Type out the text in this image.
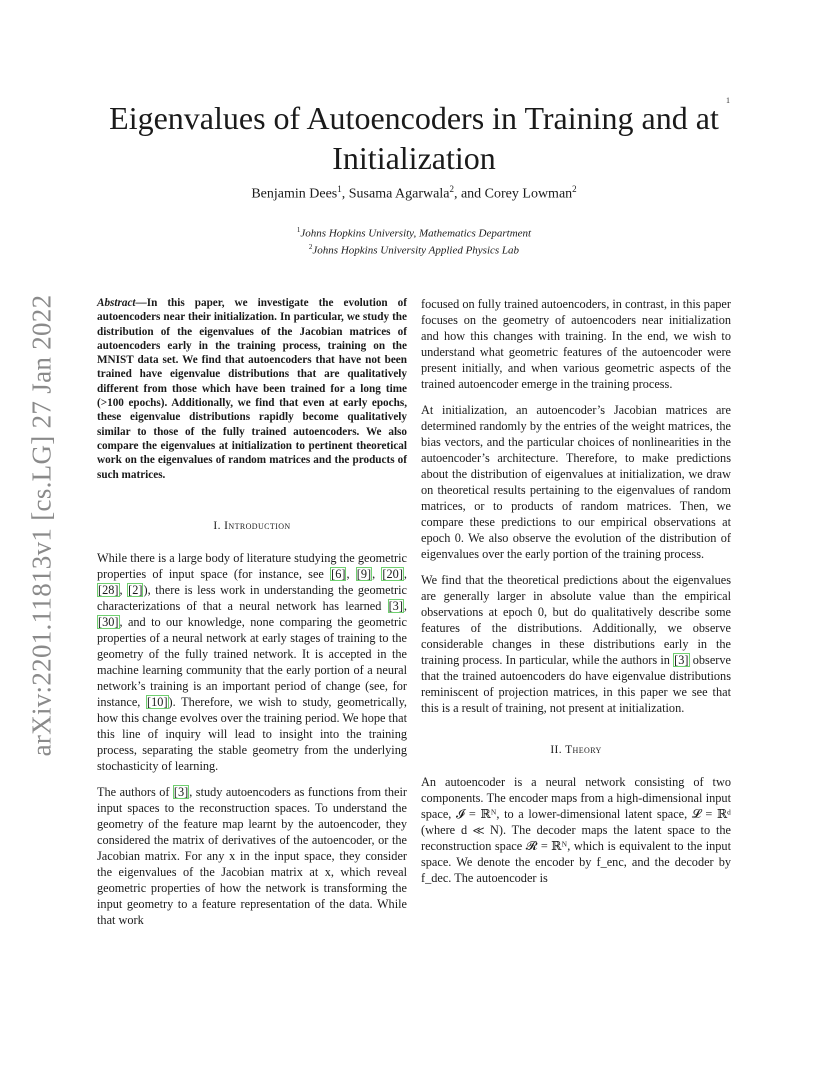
arXiv:2201.11813v1 [cs.LG] 27 Jan 2022
1
Eigenvalues of Autoencoders in Training and at Initialization
Benjamin Dees$^1$, Susama Agarwala$^2$, and Corey Lowman$^2$
$^1$Johns Hopkins University, Mathematics Department
$^2$Johns Hopkins University Applied Physics Lab

Abstract—In this paper, we investigate the evolution of autoencoders near their initialization. In particular, we study the distribution of the eigenvalues of the Jacobian matrices of autoencoders early in the training process, training on the MNIST data set. We find that autoencoders that have not been trained have eigenvalue distributions that are qualitatively different from those which have been trained for a long time (>100 epochs). Additionally, we find that even at early epochs, these eigenvalue distributions rapidly become qualitatively similar to those of the fully trained autoencoders. We also compare the eigenvalues at initialization to pertinent theoretical work on the eigenvalues of random matrices and the products of such matrices.

I. Introduction

While there is a large body of literature studying the geometric properties of input space (for instance, see [6], [9], [20], [28], [2]), there is less work in understanding the geometric characterizations of that a neural network has learned [3], [30], and to our knowledge, none comparing the geometric properties of a neural network at early stages of training to the geometry of the fully trained network. It is accepted in the machine learning community that the early portion of a neural network’s training is an important period of change (see, for instance, [10]). Therefore, we wish to study, geometrically, how this change evolves over the training period. We hope that this line of inquiry will lead to insight into the training process, separating the stable geometry from the underlying stochasticity of learning.

The authors of [3], study autoencoders as functions from their input spaces to the reconstruction spaces. To understand the geometry of the feature map learnt by the autoencoder, they considered the matrix of derivatives of the autoencoder, or the Jacobian matrix. For any x in the input space, they consider the eigenvalues of the Jacobian matrix at x, which reveal geometric properties of how the network is transforming the input geometry to a feature representation of the data. While that work

focused on fully trained autoencoders, in contrast, in this paper focuses on the geometry of autoencoders near initialization and how this changes with training. In the end, we wish to understand what geometric features of the autoencoder were present initially, and when various geometric aspects of the trained autoencoder emerge in the training process.

At initialization, an autoencoder’s Jacobian matrices are determined randomly by the entries of the weight matrices, the bias vectors, and the particular choices of nonlinearities in the autoencoder’s architecture. Therefore, to make predictions about the distribution of eigenvalues at initialization, we draw on theoretical results pertaining to the eigenvalues of random matrices, or to products of random matrices. Then, we compare these predictions to our empirical observations at epoch 0. We also observe the evolution of the distribution of eigenvalues over the early portion of the training process.

We find that the theoretical predictions about the eigenvalues are generally larger in absolute value than the empirical observations at epoch 0, but do qualitatively describe some features of the distributions. Additionally, we observe considerable changes in these distributions early in the training process. In particular, while the authors in [3] observe that the trained autoencoders do have eigenvalue distributions reminiscent of projection matrices, in this paper we see that this is a result of training, not present at initialization.

II. Theory

An autoencoder is a neural network consisting of two components. The encoder maps from a high-dimensional input space, 𝓘 = ℝᴺ, to a lower-dimensional latent space, 𝓛 = ℝᵈ (where d ≪ N). The decoder maps the latent space to the reconstruction space 𝓡 = ℝᴺ, which is equivalent to the input space. We denote the encoder by f_enc, and the decoder by f_dec. The autoencoder is
